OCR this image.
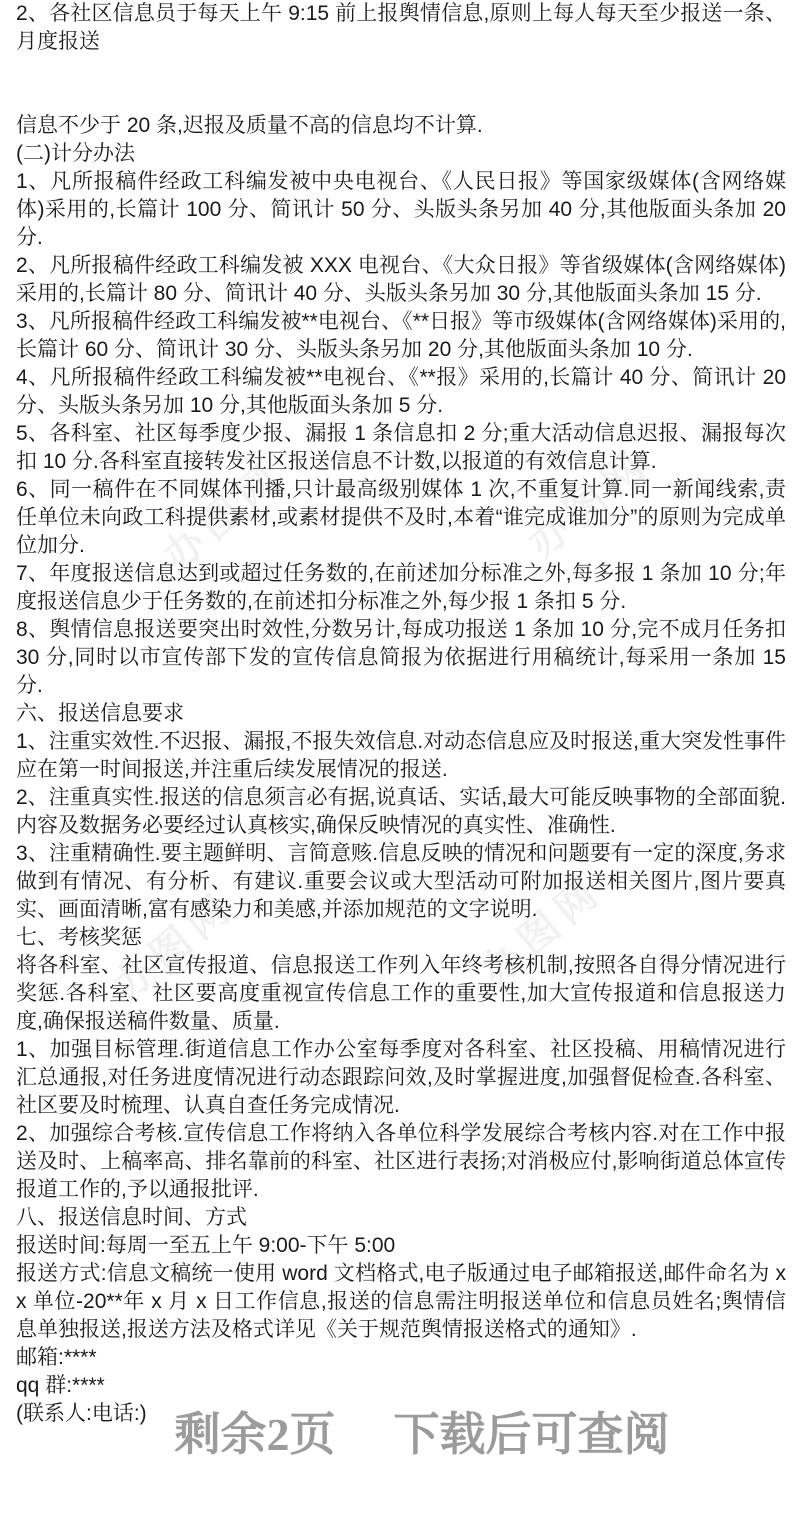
办图网	办图网
办图网	办图网

2、各社区信息员于每天上午 9:15 前上报舆情信息,原则上每人每天至少报送一条、月度报送

信息不少于 20 条,迟报及质量不高的信息均不计算.

(二)计分办法

1、凡所报稿件经政工科编发被中央电视台、《人民日报》等国家级媒体(含网络媒体)采用的,长篇计 100 分、简讯计 50 分、头版头条另加 40 分,其他版面头条加 20 分.

2、凡所报稿件经政工科编发被 XXX 电视台、《大众日报》等省级媒体(含网络媒体)采用的,长篇计 80 分、简讯计 40 分、头版头条另加 30 分,其他版面头条加 15 分.

3、凡所报稿件经政工科编发被**电视台、《**日报》等市级媒体(含网络媒体)采用的,长篇计 60 分、简讯计 30 分、头版头条另加 20 分,其他版面头条加 10 分.

4、凡所报稿件经政工科编发被**电视台、《**报》采用的,长篇计 40 分、简讯计 20 分、头版头条另加 10 分,其他版面头条加 5 分.

5、各科室、社区每季度少报、漏报 1 条信息扣 2 分;重大活动信息迟报、漏报每次扣 10 分.各科室直接转发社区报送信息不计数,以报道的有效信息计算.

6、同一稿件在不同媒体刊播,只计最高级别媒体 1 次,不重复计算.同一新闻线索,责任单位未向政工科提供素材,或素材提供不及时,本着“谁完成谁加分”的原则为完成单位加分.

7、年度报送信息达到或超过任务数的,在前述加分标准之外,每多报 1 条加 10 分;年度报送信息少于任务数的,在前述扣分标准之外,每少报 1 条扣 5 分.

8、舆情信息报送要突出时效性,分数另计,每成功报送 1 条加 10 分,完不成月任务扣 30 分,同时以市宣传部下发的宣传信息简报为依据进行用稿统计,每采用一条加 15 分.

六、报送信息要求

1、注重实效性.不迟报、漏报,不报失效信息.对动态信息应及时报送,重大突发性事件应在第一时间报送,并注重后续发展情况的报送.

2、注重真实性.报送的信息须言必有据,说真话、实话,最大可能反映事物的全部面貌.内容及数据务必要经过认真核实,确保反映情况的真实性、准确性.

3、注重精确性.要主题鲜明、言简意赅.信息反映的情况和问题要有一定的深度,务求做到有情况、有分析、有建议.重要会议或大型活动可附加报送相关图片,图片要真实、画面清晰,富有感染力和美感,并添加规范的文字说明.

七、考核奖惩

将各科室、社区宣传报道、信息报送工作列入年终考核机制,按照各自得分情况进行奖惩.各科室、社区要高度重视宣传信息工作的重要性,加大宣传报道和信息报送力度,确保报送稿件数量、质量.

1、加强目标管理.街道信息工作办公室每季度对各科室、社区投稿、用稿情况进行汇总通报,对任务进度情况进行动态跟踪问效,及时掌握进度,加强督促检查.各科室、社区要及时梳理、认真自查任务完成情况.

2、加强综合考核.宣传信息工作将纳入各单位科学发展综合考核内容.对在工作中报送及时、上稿率高、排名靠前的科室、社区进行表扬;对消极应付,影响街道总体宣传报道工作的,予以通报批评.

八、报送信息时间、方式

报送时间:每周一至五上午 9:00-下午 5:00

报送方式:信息文稿统一使用 word 文档格式,电子版通过电子邮箱报送,邮件命名为 xx 单位-20**年 x 月 x 日工作信息,报送的信息需注明报送单位和信息员姓名;舆情信息单独报送,报送方法及格式详见《关于规范舆情报送格式的通知》.

邮箱:****

qq 群:****

(联系人:电话:) 剩余2页 下载后可查阅
